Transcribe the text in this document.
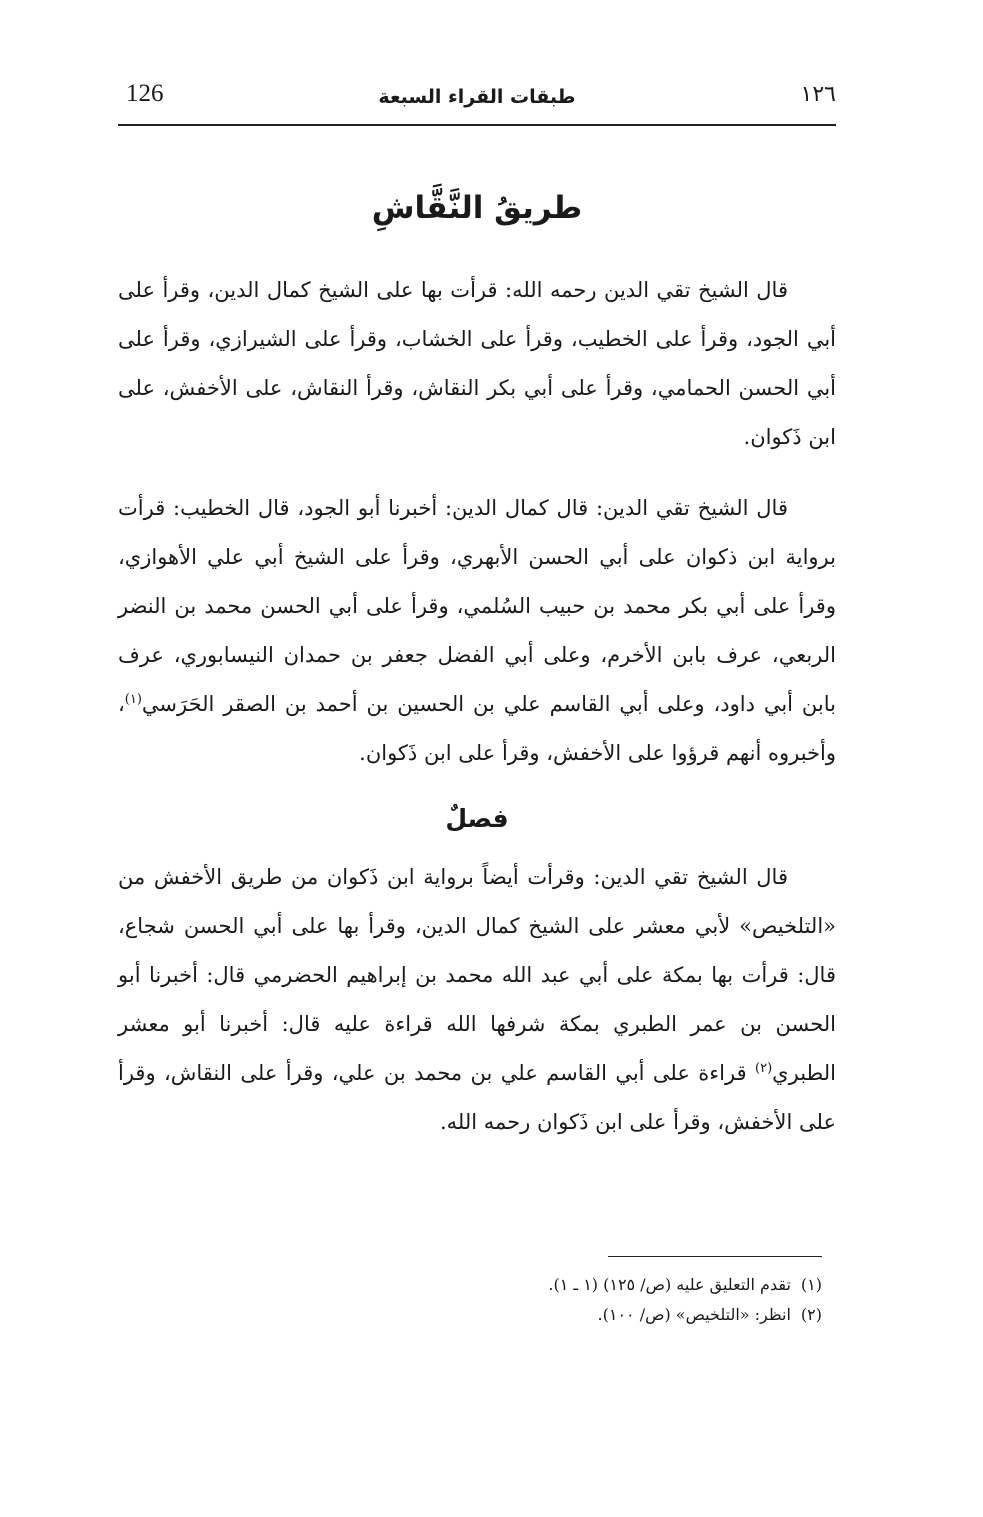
126	طبقات القراء السبعة	١٢٦
طريقُ النَّقَّاشِ

قال الشيخ تقي الدين رحمه الله: قرأت بها على الشيخ كمال الدين، وقرأ على أبي الجود، وقرأ على الخطيب، وقرأ على الخشاب، وقرأ على الشيرازي، وقرأ على أبي الحسن الحمامي، وقرأ على أبي بكر النقاش، وقرأ النقاش، على الأخفش، على ابن ذَكوان.

قال الشيخ تقي الدين: قال كمال الدين: أخبرنا أبو الجود، قال الخطيب: قرأت برواية ابن ذكوان على أبي الحسن الأبهري، وقرأ على الشيخ أبي علي الأهوازي، وقرأ على أبي بكر محمد بن حبيب السُلمي، وقرأ على أبي الحسن محمد بن النضر الربعي، عرف بابن الأخرم، وعلى أبي الفضل جعفر بن حمدان النيسابوري، عرف بابن أبي داود، وعلى أبي القاسم علي بن الحسين بن أحمد بن الصقر الحَرَسي$^{(١)}$، وأخبروه أنهم قرؤوا على الأخفش، وقرأ على ابن ذَكوان.

فصلٌ

قال الشيخ تقي الدين: وقرأت أيضاً برواية ابن ذَكوان من طريق الأخفش من «التلخيص» لأبي معشر على الشيخ كمال الدين، وقرأ بها على أبي الحسن شجاع، قال: قرأت بها بمكة على أبي عبد الله محمد بن إبراهيم الحضرمي قال: أخبرنا أبو الحسن بن عمر الطبري بمكة شرفها الله قراءة عليه قال: أخبرنا أبو معشر الطبري$^{(٢)}$ قراءة على أبي القاسم علي بن محمد بن علي، وقرأ على النقاش، وقرأ على الأخفش، وقرأ على ابن ذَكوان رحمه الله.

(١)تقدم التعليق عليه (ص/ ١٢٥) (١ ـ ١).
(٢)انظر: «التلخيص» (ص/ ١٠٠).
